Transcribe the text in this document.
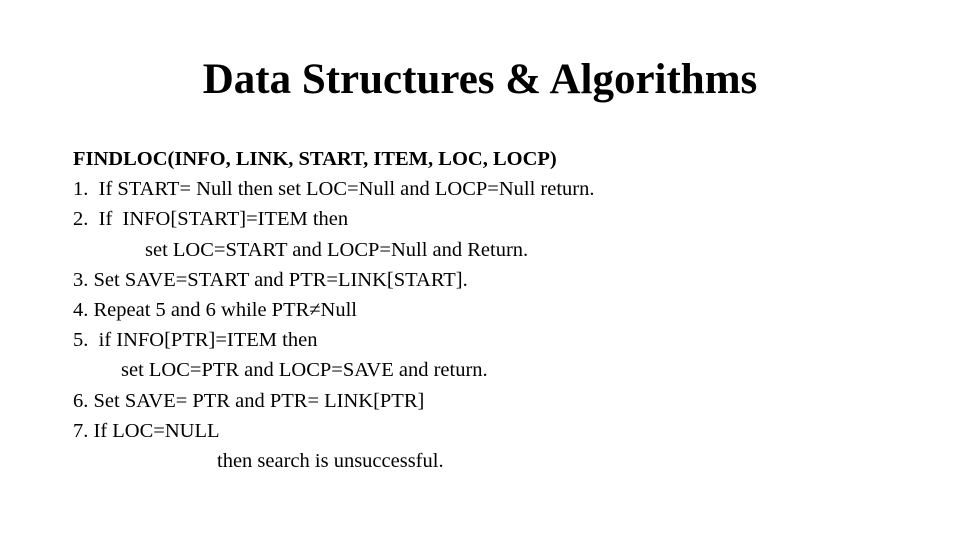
Data Structures & Algorithms
FINDLOC(INFO, LINK, START, ITEM, LOC, LOCP)
1.  If START= Null then set LOC=Null and LOCP=Null return.
2.  If  INFO[START]=ITEM then
set LOC=START and LOCP=Null and Return.
3. Set SAVE=START and PTR=LINK[START].
4. Repeat 5 and 6 while PTR≠Null
5.  if INFO[PTR]=ITEM then
set LOC=PTR and LOCP=SAVE and return.
6. Set SAVE= PTR and PTR= LINK[PTR]
7. If LOC=NULL
then search is unsuccessful.
